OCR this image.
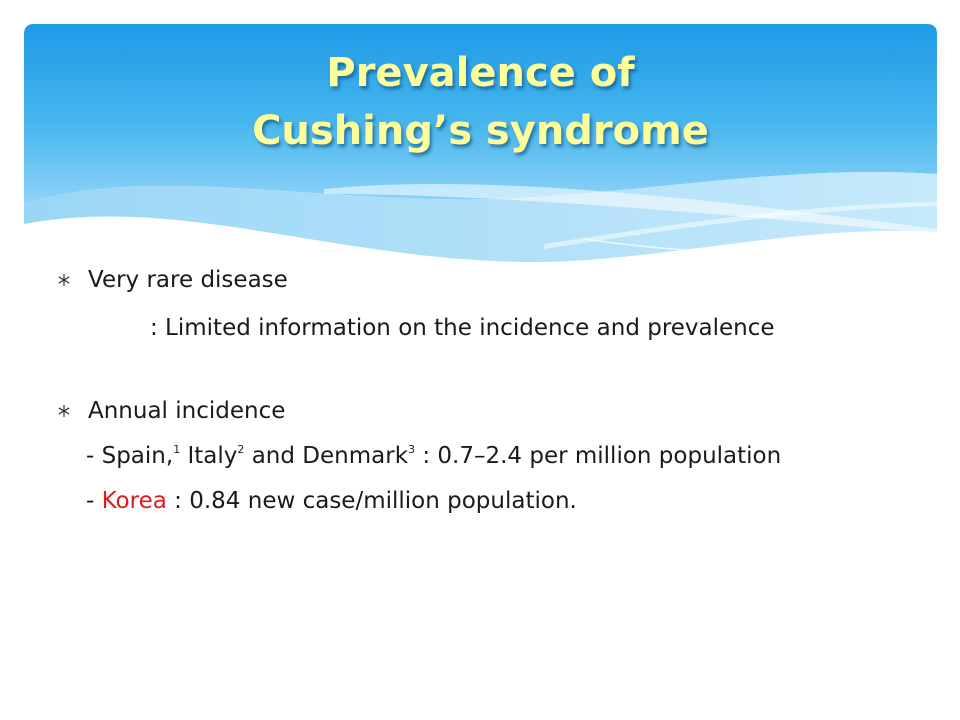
Prevalence of
Cushing’s syndrome
Very rare disease
: Limited information on the incidence and prevalence
Annual incidence
- Spain,$^1$ Italy$^2$ and Denmark$^3$ : 0.7–2.4 per million population
- Korea : 0.84 new case/million population.
